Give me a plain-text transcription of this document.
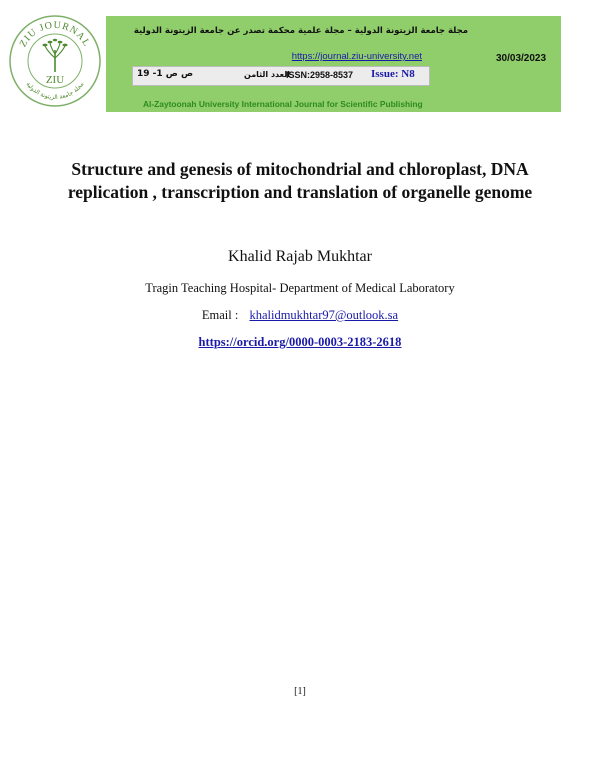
ZIU JOURNAL
مجلة جامعة الزيتونة الدولية
ZIU
مجلة جامعة الزيتونة الدولية – مجلة علمية محكمة تصدر عن جامعة الزيتونة الدولية
https://journal.ziu-university.net
ص ص 1- 19	العدد الثامن
ISSN:2958-8537 Issue: N8
30/03/2023
Al-Zaytoonah University International Journal for Scientific Publishing
Structure and genesis of mitochondrial and chloroplast, DNA replication , transcription and translation of organelle genome
Khalid Rajab Mukhtar
Tragin Teaching Hospital- Department of Medical Laboratory
Email : khalidmukhtar97@outlook.sa
https://orcid.org/0000-0003-2183-2618
[1]
